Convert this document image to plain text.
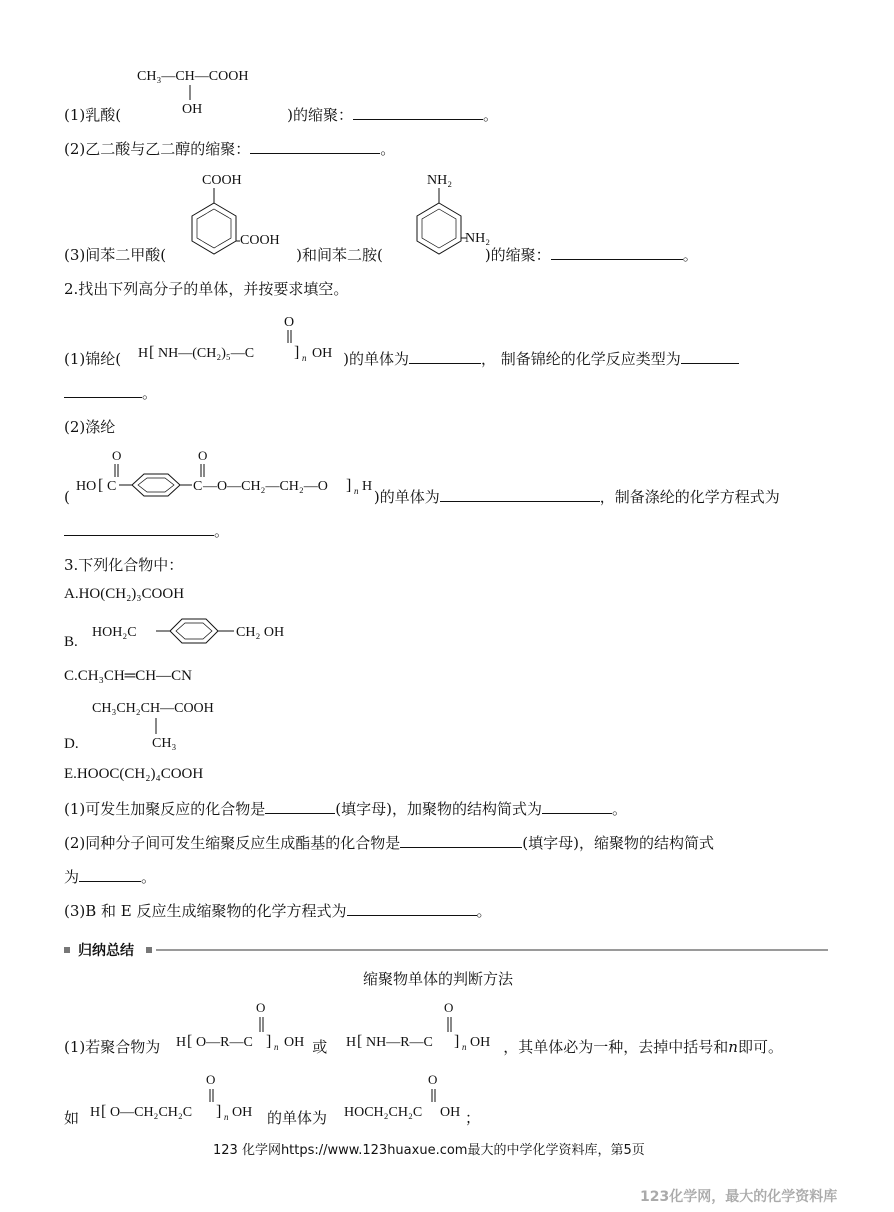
CH₃—CH—COOH
OH
(1)乳酸(	)的缩聚：	。
(2)乙二酸与乙二醇的缩聚：	。
COOH
COOH
NH₂
NH₂
(3)间苯二甲酸(	)和间苯二胺(	)的缩聚：	。
2.找出下列高分子的单体，并按要求填空。
H [ NH—(CH₂)₅—C
O
] n OH
(1)锦纶(	)的单体为	， 制备锦纶的化学反应类型为
。
(2)涤纶
HO [ C
O
C
O
— O—CH₂—CH₂—O ] n H
(	)的单体为	，制备涤纶的化学方程式为
。
3.下列化合物中：
A.HO(CH₂)₃COOH
B.
HOH₂C	CH₂ OH
C.CH₃CH═CH—CN
CH₃CH₂CH—COOH
CH₃
D.
E.HOOC(CH₂)₄COOH
(1)可发生加聚反应的化合物是	(填字母)，加聚物的结构简式为	。
(2)同种分子间可发生缩聚反应生成酯基的化合物是	(填字母)，缩聚物的结构简式
为	。
(3)B 和 E 反应生成缩聚物的化学方程式为	。
归纳总结
缩聚物单体的判断方法
H [ O—R—C
O
] n OH	H [ NH—R—C
O
] n OH
(1)若聚合物为	或	，其单体必为一种，去掉中括号和n即可。
H [ O—CH₂CH₂C
O
] n OH	HOCH₂CH₂C
O
OH
如	的单体为	；
123 化学网https://www.123huaxue.com最大的中学化学资料库，第5页
123化学网，最大的化学资料库
